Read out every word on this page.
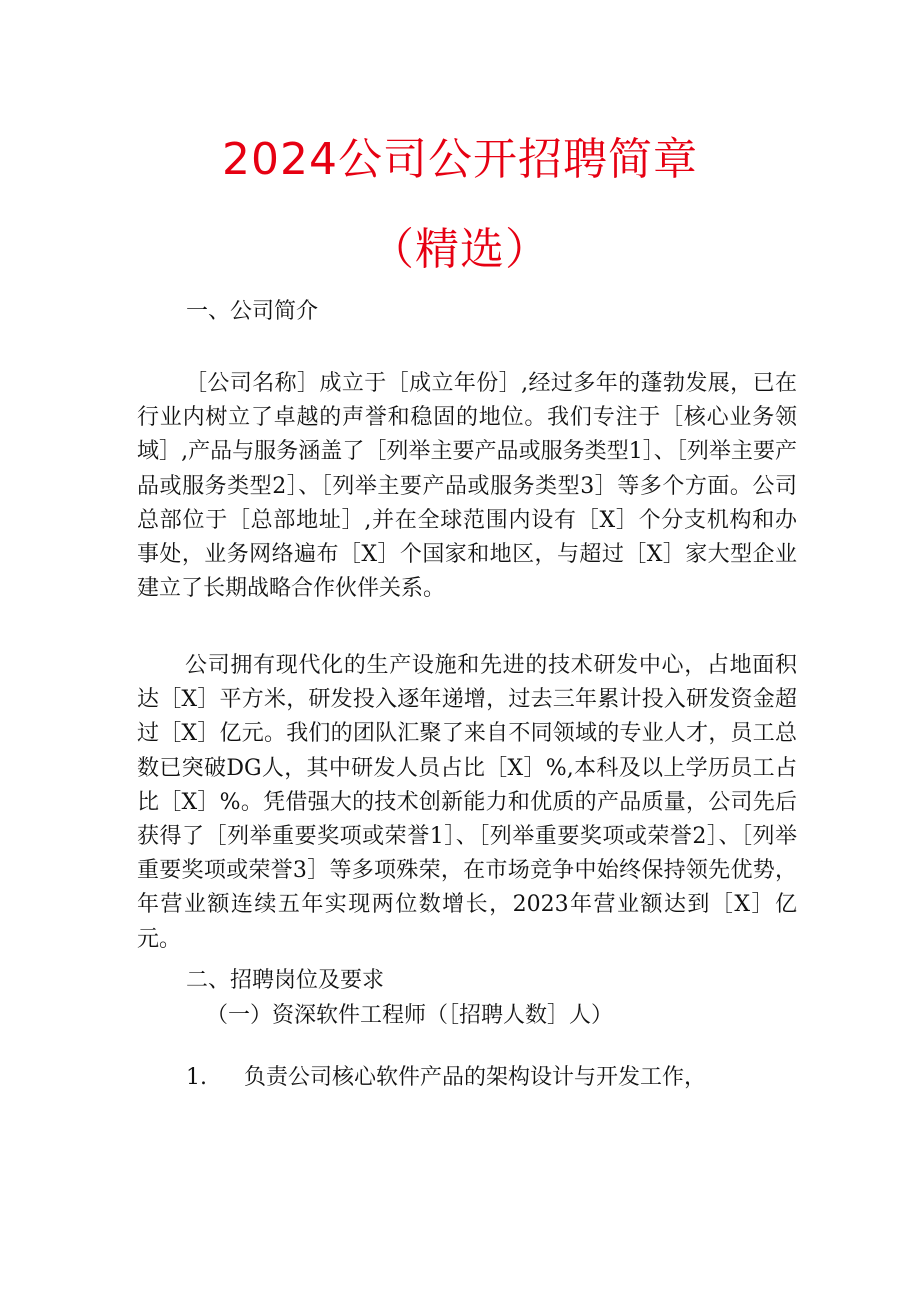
2024公司公开招聘简章
（精选）
一、公司简介

［公司名称］成立于［成立年份］,经过多年的蓬勃发展，已在行业内树立了卓越的声誉和稳固的地位。我们专注于［核心业务领域］,产品与服务涵盖了［列举主要产品或服务类型1］、［列举主要产品或服务类型2］、［列举主要产品或服务类型3］等多个方面。公司总部位于［总部地址］,并在全球范围内设有［X］个分支机构和办事处，业务网络遍布［X］个国家和地区，与超过［X］家大型企业建立了长期战略合作伙伴关系。

公司拥有现代化的生产设施和先进的技术研发中心，占地面积达［X］平方米，研发投入逐年递增，过去三年累计投入研发资金超过［X］亿元。我们的团队汇聚了来自不同领域的专业人才，员工总数已突破DG人，其中研发人员占比［X］%,本科及以上学历员工占比［X］%。凭借强大的技术创新能力和优质的产品质量，公司先后获得了［列举重要奖项或荣誉1］、［列举重要奖项或荣誉2］、［列举重要奖项或荣誉3］等多项殊荣，在市场竞争中始终保持领先优势，年营业额连续五年实现两位数增长，2023年营业额达到［X］亿元。

二、招聘岗位及要求
（一）资深软件工程师（［招聘人数］人）
1. 负责公司核心软件产品的架构设计与开发工作，
